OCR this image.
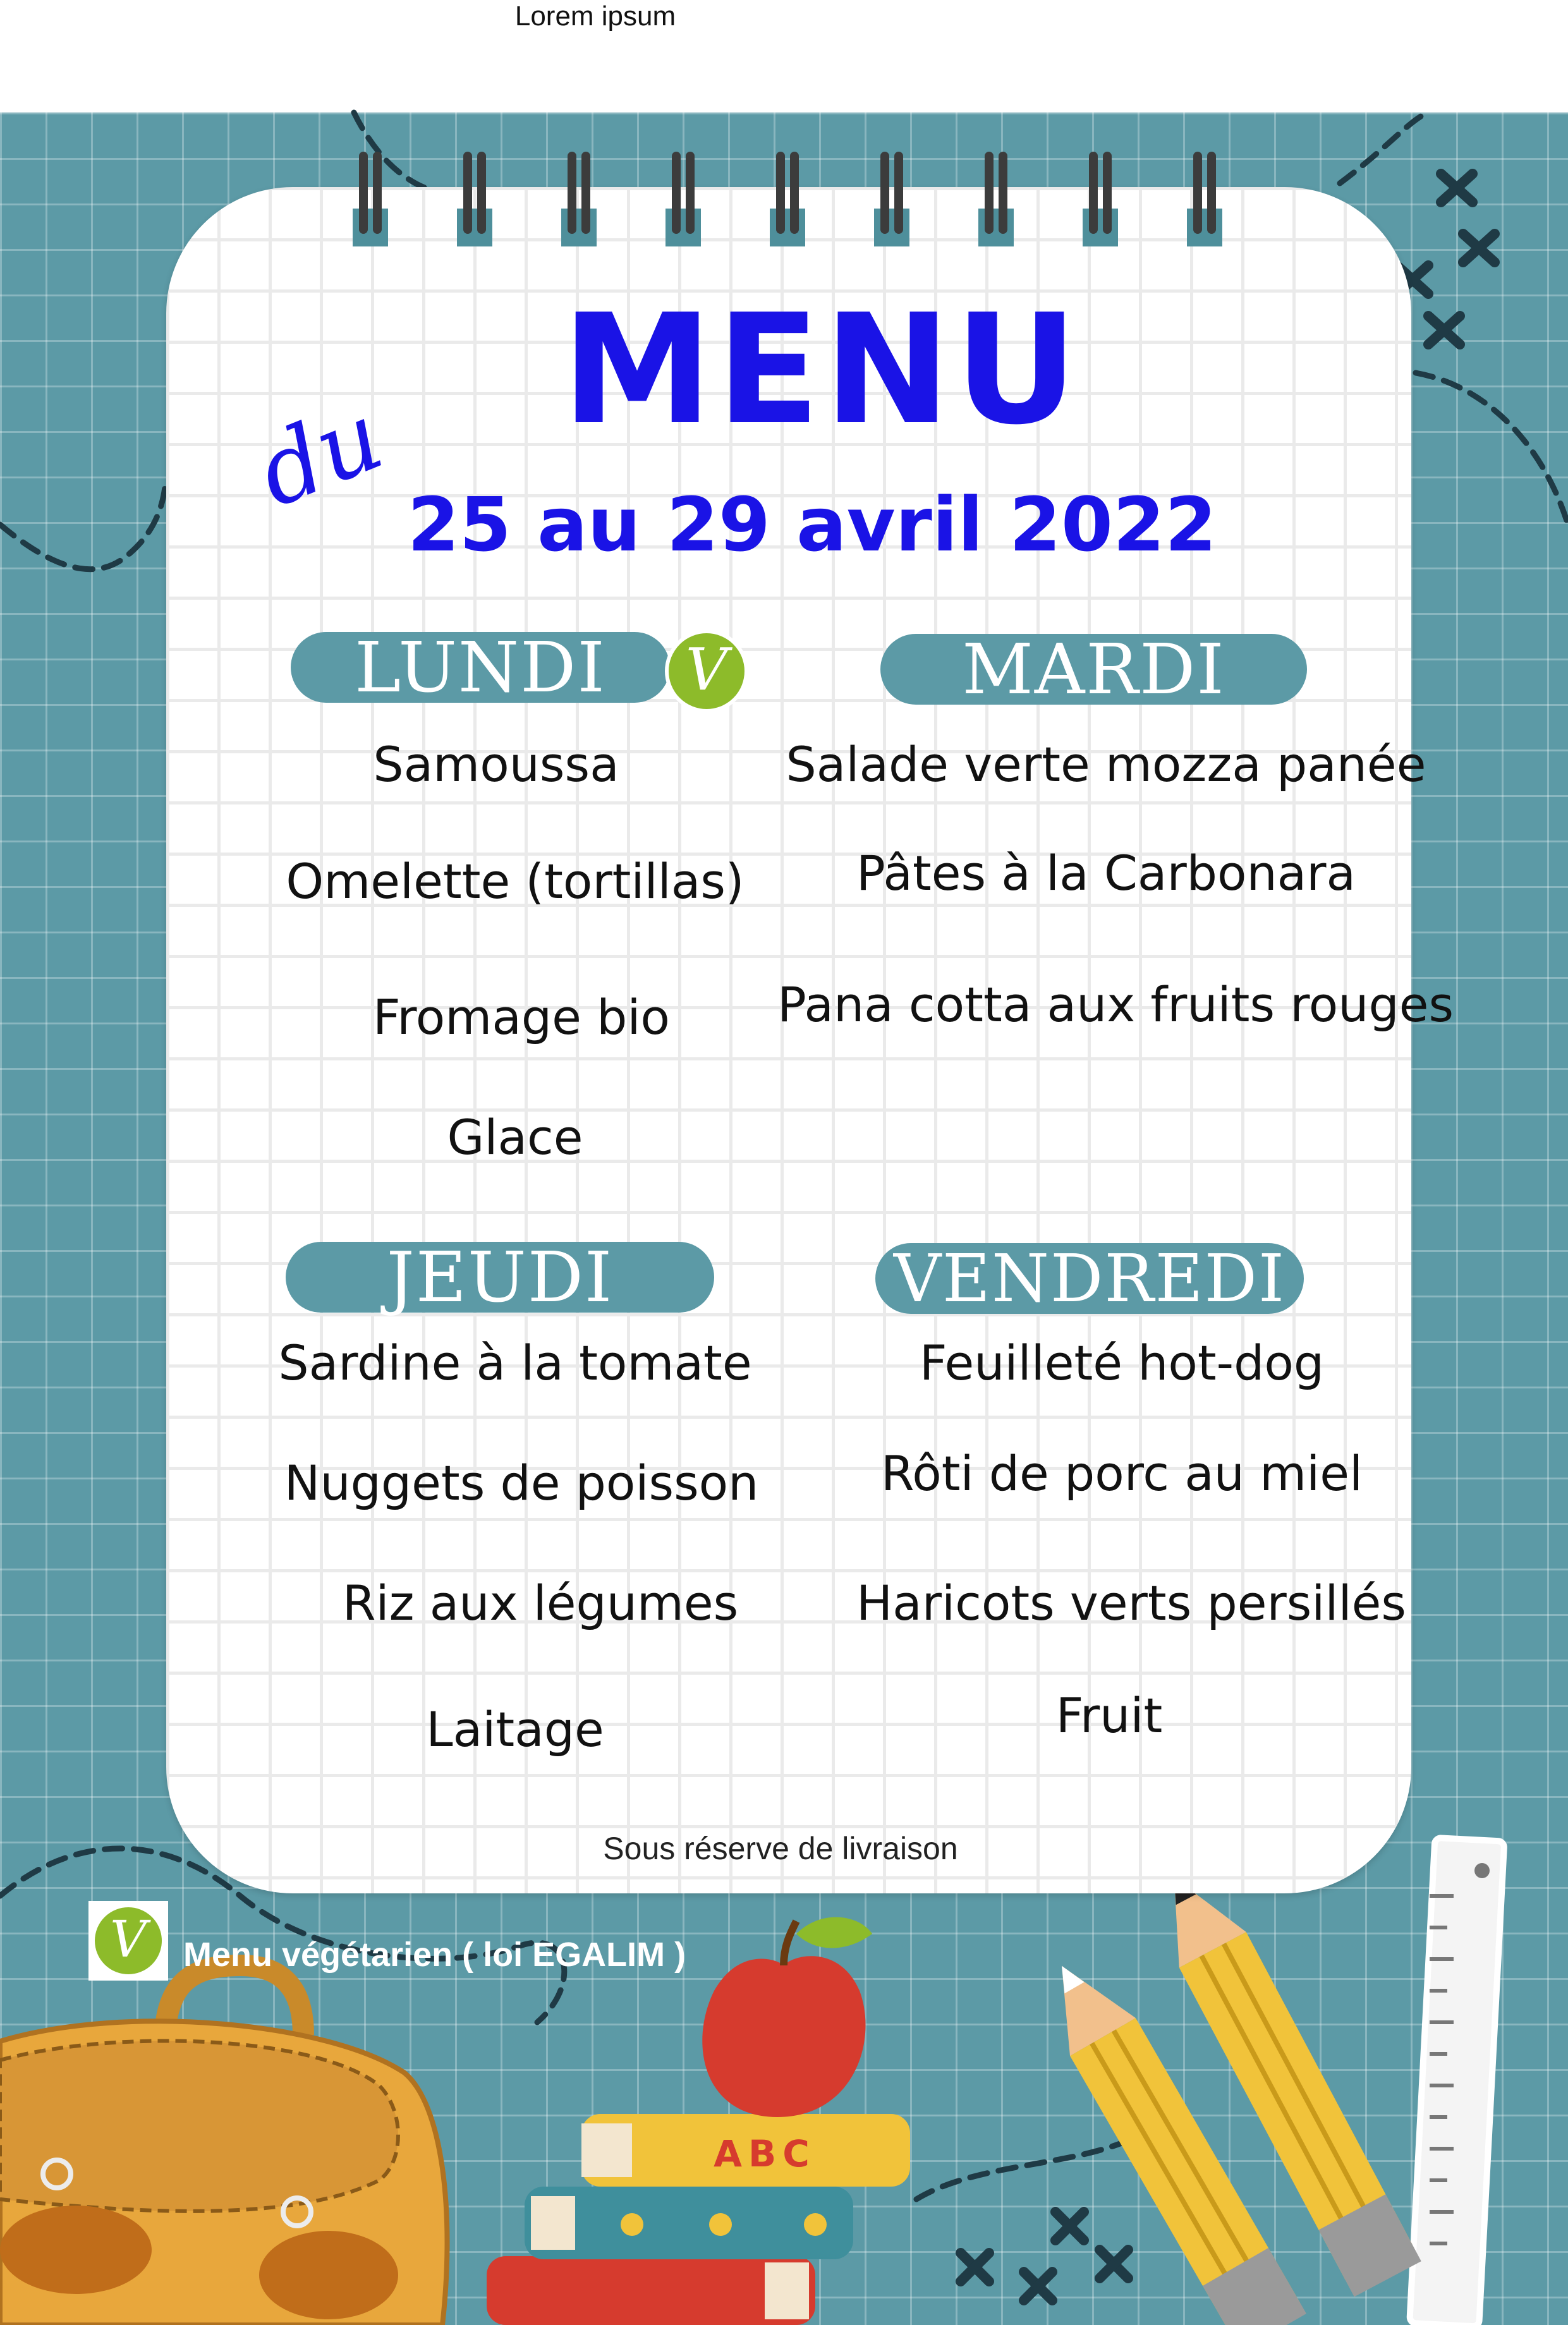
Lorem ipsum
ABC
MENU
du 25 au 29 avril 2022
LUNDI	V
Samoussa
Omelette (tortillas)
Fromage bio
Glace
MARDI
Salade verte mozza panée
Pâtes à la Carbonara
Pana cotta aux fruits rouges
JEUDI
Sardine à la tomate
Nuggets de poisson
Riz aux légumes
Laitage
VENDREDI
Feuilleté hot-dog
Rôti de porc au miel
Haricots verts persillés
Fruit
Sous réserve de livraison
V	Menu végétarien ( loi EGALIM )
